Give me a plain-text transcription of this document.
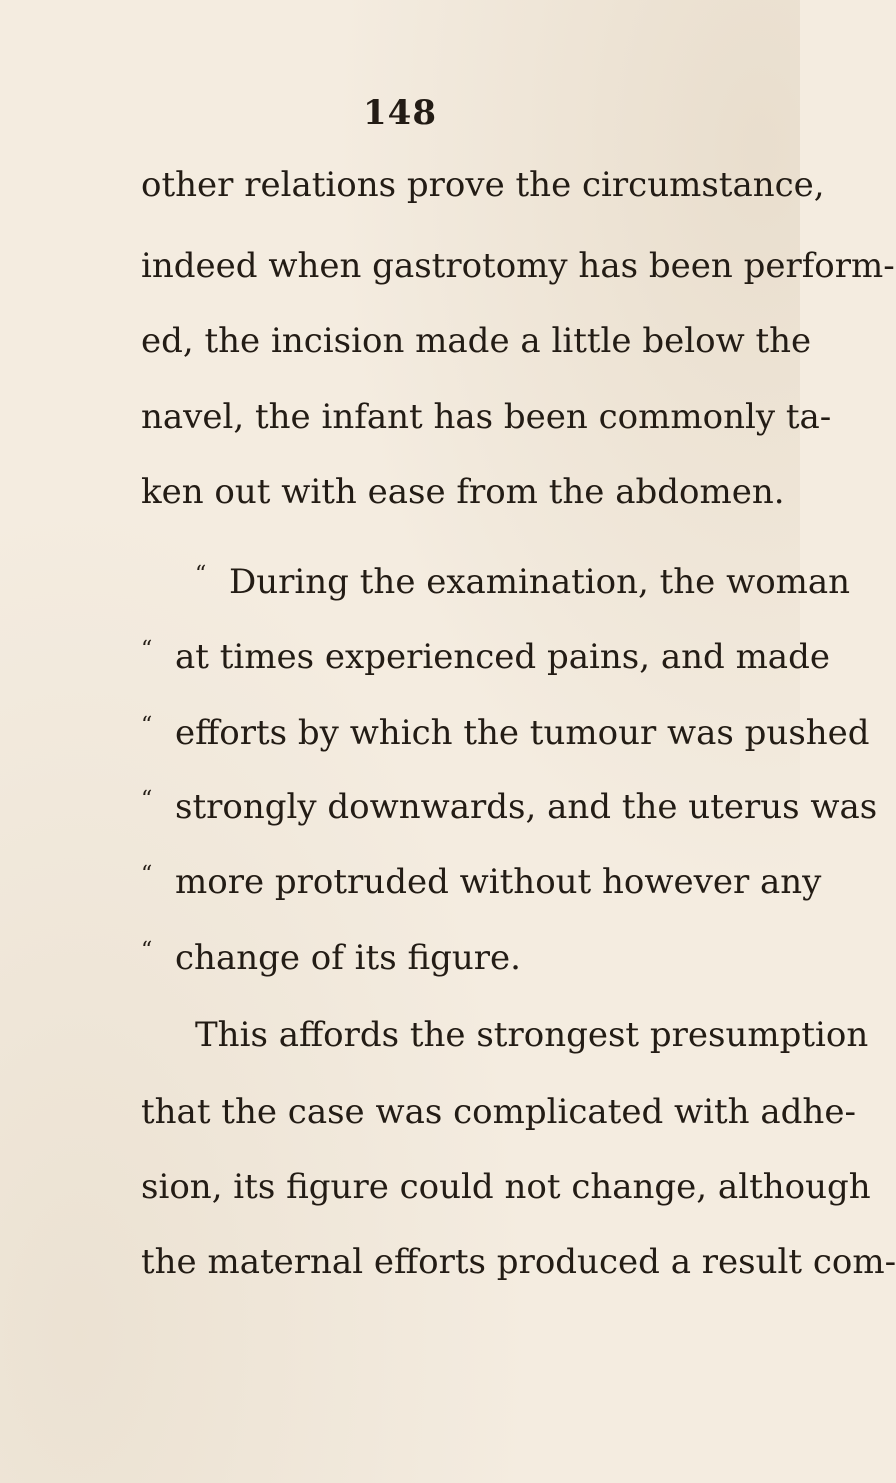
148
other relations prove the circumstance,
indeed when gastrotomy has been perform-
ed, the incision made a little below the
navel, the infant has been commonly ta-
ken out with ease from the abdomen.
“ During the examination, the woman
“ at times experienced pains, and made
“ efforts by which the tumour was pushed
“ strongly downwards, and the uterus was
“ more protruded without however any
“ change of its figure.
This affords the strongest presumption
that the case was complicated with adhe-
sion, its figure could not change, although
the maternal efforts produced a result com-
